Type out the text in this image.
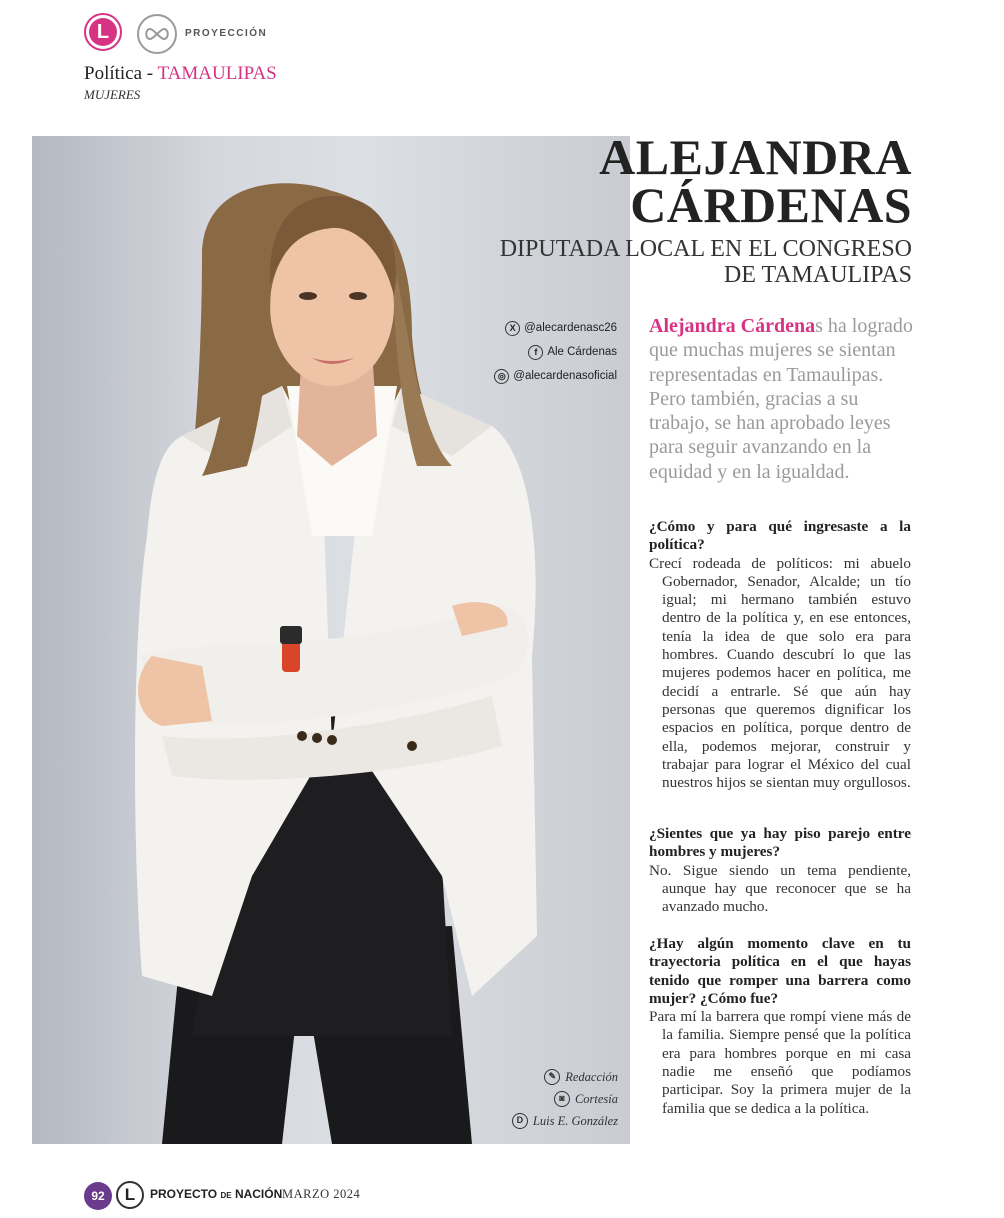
L	PROYECCIÓN
Política - TAMAULIPAS
MUJERES
X @alecardenasc26
f Ale Cárdenas
◎ @alecardenasoficial
✎ Redacción
◙ Cortesía
D Luis E. González
ALEJANDRA
CÁRDENAS
DIPUTADA LOCAL EN EL CONGRESO
DE TAMAULIPAS
Alejandra Cárdenas ha logrado que muchas mujeres se sientan representadas en Tamaulipas. Pero también, gracias a su trabajo, se han aprobado leyes para seguir avanzando en la equidad y en la igualdad.
¿Cómo y para qué ingresaste a la política?
Crecí rodeada de políticos: mi abuelo Gobernador, Senador, Alcalde; un tío igual; mi hermano también estuvo dentro de la política y, en ese entonces, tenía la idea de que solo era para hombres. Cuando descubrí lo que las mujeres podemos hacer en política, me decidí a entrarle. Sé que aún hay personas que queremos dignificar los espacios en política, porque dentro de ella, podemos mejorar, construir y trabajar para lograr el México del cual nuestros hijos se sientan muy orgullosos.
¿Sientes que ya hay piso parejo entre hombres y mujeres?
No. Sigue siendo un tema pendiente, aunque hay que reconocer que se ha avanzado mucho.
¿Hay algún momento clave en tu trayectoria política en el que hayas tenido que romper una barrera como mujer? ¿Cómo fue?
Para mí la barrera que rompí viene más de la familia. Siempre pensé que la política era para hombres porque en mi casa nadie me enseñó que podíamos participar. Soy la primera mujer de la familia que se dedica a la política.
92	L	PROYECTO DE NACIÓN MARZO 2024
